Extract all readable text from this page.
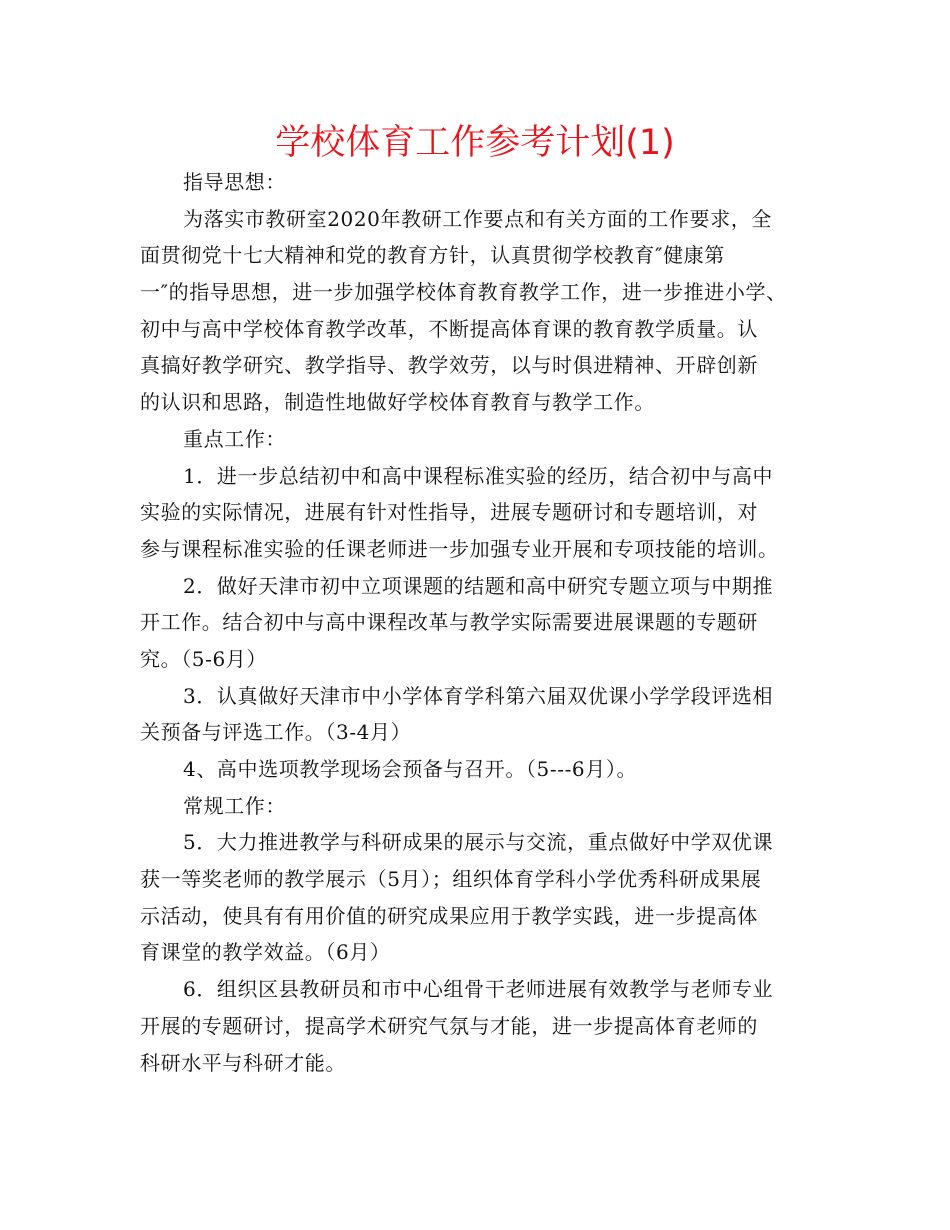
学校体育工作参考计划(1)
指导思想：
为落实市教研室2020年教研工作要点和有关方面的工作要求，全
面贯彻党十七大精神和党的教育方针，认真贯彻学校教育″健康第
一″的指导思想，进一步加强学校体育教育教学工作，进一步推进小学、
初中与高中学校体育教学改革，不断提高体育课的教育教学质量。认
真搞好教学研究、教学指导、教学效劳，以与时俱进精神、开辟创新
的认识和思路，制造性地做好学校体育教育与教学工作。
重点工作：
1．进一步总结初中和高中课程标准实验的经历，结合初中与高中
实验的实际情况，进展有针对性指导，进展专题研讨和专题培训，对
参与课程标准实验的任课老师进一步加强专业开展和专项技能的培训。
2．做好天津市初中立项课题的结题和高中研究专题立项与中期推
开工作。结合初中与高中课程改革与教学实际需要进展课题的专题研
究。（5-6月）
3．认真做好天津市中小学体育学科第六届双优课小学学段评选相
关预备与评选工作。（3-4月）
4、高中选项教学现场会预备与召开。（5---6月）。
常规工作：
5．大力推进教学与科研成果的展示与交流，重点做好中学双优课
获一等奖老师的教学展示（5月）；组织体育学科小学优秀科研成果展
示活动，使具有有用价值的研究成果应用于教学实践，进一步提高体
育课堂的教学效益。（6月）
6．组织区县教研员和市中心组骨干老师进展有效教学与老师专业
开展的专题研讨，提高学术研究气氛与才能，进一步提高体育老师的
科研水平与科研才能。
